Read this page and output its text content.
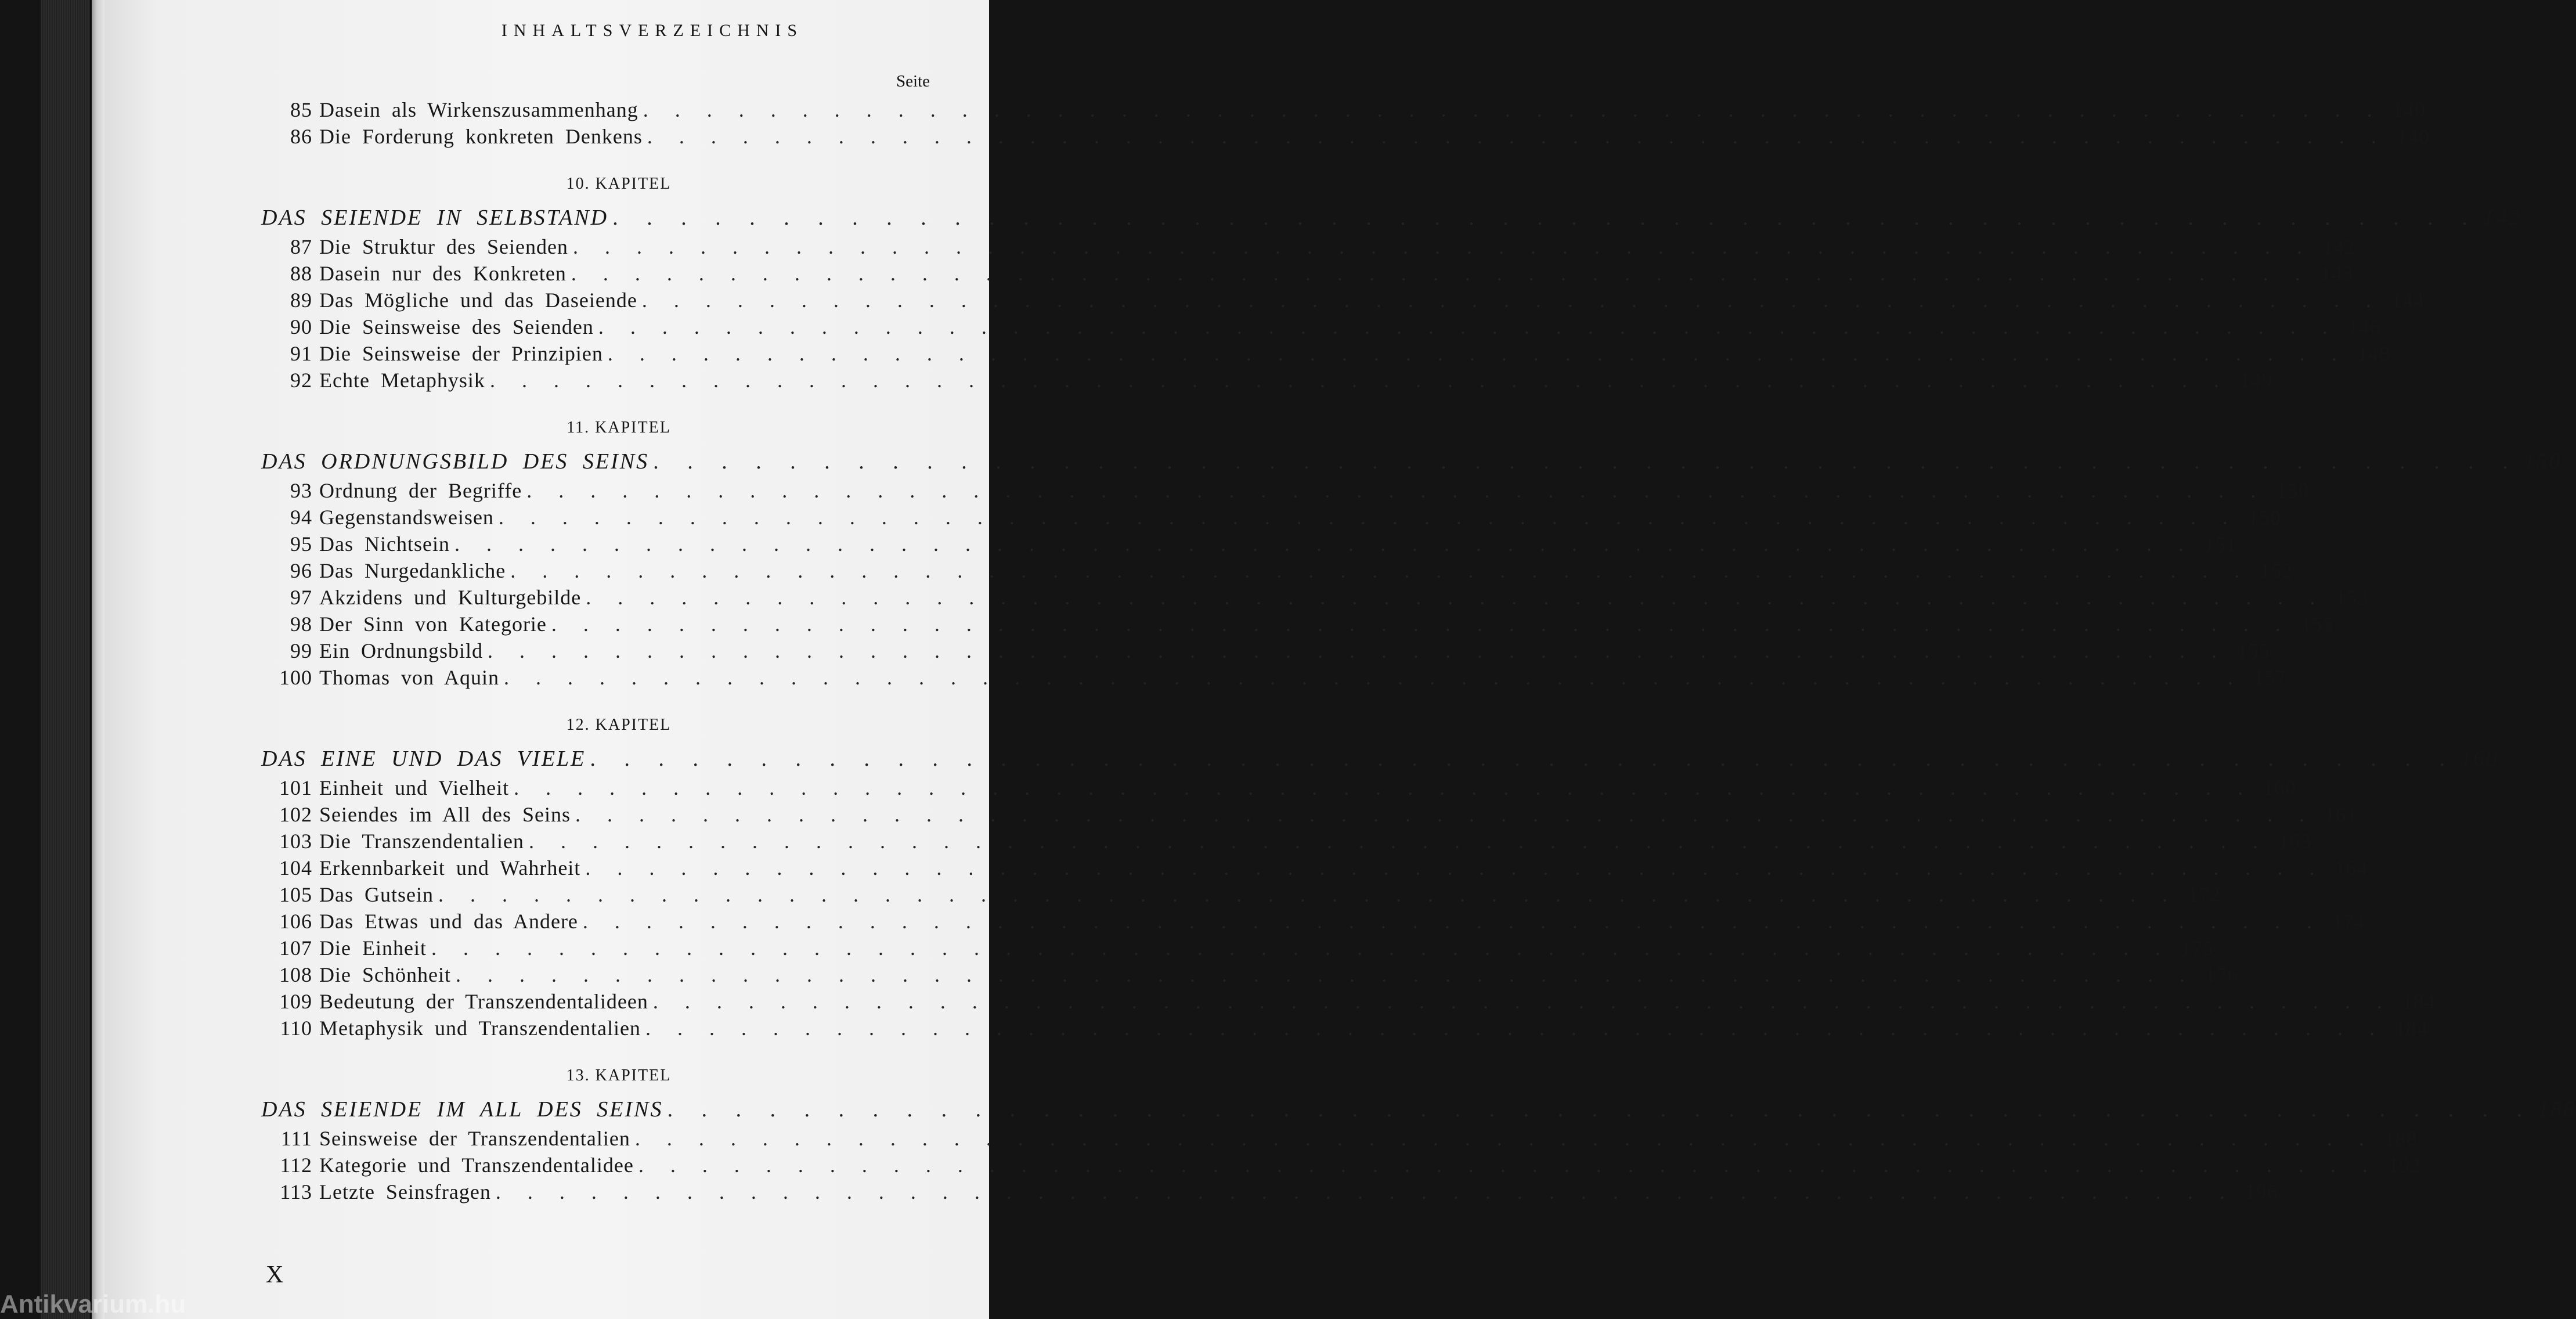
INHALTSVERZEICHNIS
Seite
85 Dasein als Wirkenszusammenhang . . . . . . . . . . . . . . . . . . . . . . . . . . . . . . . . . . . . . . . . . . . . . . . . . . . . . . . 140
86 Die Forderung konkreten Denkens . . . . . . . . . . . . . . . . . . . . . . . . . . . . . . . . . . . . . . . . . . . . . . . . . . . . . . . 140
10. KAPITEL
DAS SEIENDE IN SELBSTAND . . . . . . . . . . . . . . . . . . . . . . . . . . . . . . . . . . . . . . . . . . . . . . . . . . . . . . . 142
87 Die Struktur des Seienden . . . . . . . . . . . . . . . . . . . . . . . . . . . . . . . . . . . . . . . . . . . . . . . . . . . . . . . 142
88 Dasein nur des Konkreten . . . . . . . . . . . . . . . . . . . . . . . . . . . . . . . . . . . . . . . . . . . . . . . . . . . . . . . 143
89 Das Mögliche und das Daseiende . . . . . . . . . . . . . . . . . . . . . . . . . . . . . . . . . . . . . . . . . . . . . . . . . . . . . . . 144
90 Die Seinsweise des Seienden . . . . . . . . . . . . . . . . . . . . . . . . . . . . . . . . . . . . . . . . . . . . . . . . . . . . . . . 146
91 Die Seinsweise der Prinzipien . . . . . . . . . . . . . . . . . . . . . . . . . . . . . . . . . . . . . . . . . . . . . . . . . . . . . . . 148
92 Echte Metaphysik . . . . . . . . . . . . . . . . . . . . . . . . . . . . . . . . . . . . . . . . . . . . . . . . . . . . . . . 149
11. KAPITEL
DAS ORDNUNGSBILD DES SEINS . . . . . . . . . . . . . . . . . . . . . . . . . . . . . . . . . . . . . . . . . . . . . . . . . . . . . . . 150
93 Ordnung der Begriffe . . . . . . . . . . . . . . . . . . . . . . . . . . . . . . . . . . . . . . . . . . . . . . . . . . . . . . . 150
94 Gegenstandsweisen . . . . . . . . . . . . . . . . . . . . . . . . . . . . . . . . . . . . . . . . . . . . . . . . . . . . . . . 150
95 Das Nichtsein . . . . . . . . . . . . . . . . . . . . . . . . . . . . . . . . . . . . . . . . . . . . . . . . . . . . . . . 151
96 Das Nurgedankliche . . . . . . . . . . . . . . . . . . . . . . . . . . . . . . . . . . . . . . . . . . . . . . . . . . . . . . . 152
97 Akzidens und Kulturgebilde . . . . . . . . . . . . . . . . . . . . . . . . . . . . . . . . . . . . . . . . . . . . . . . . . . . . . . . 153
98 Der Sinn von Kategorie . . . . . . . . . . . . . . . . . . . . . . . . . . . . . . . . . . . . . . . . . . . . . . . . . . . . . . . 155
99 Ein Ordnungsbild . . . . . . . . . . . . . . . . . . . . . . . . . . . . . . . . . . . . . . . . . . . . . . . . . . . . . . . 155
100 Thomas von Aquin . . . . . . . . . . . . . . . . . . . . . . . . . . . . . . . . . . . . . . . . . . . . . . . . . . . . . . . 157
12. KAPITEL
DAS EINE UND DAS VIELE . . . . . . . . . . . . . . . . . . . . . . . . . . . . . . . . . . . . . . . . . . . . . . . . . . . . . . . 160
101 Einheit und Vielheit . . . . . . . . . . . . . . . . . . . . . . . . . . . . . . . . . . . . . . . . . . . . . . . . . . . . . . . 160
102 Seiendes im All des Seins . . . . . . . . . . . . . . . . . . . . . . . . . . . . . . . . . . . . . . . . . . . . . . . . . . . . . . . 161
103 Die Transzendentalien . . . . . . . . . . . . . . . . . . . . . . . . . . . . . . . . . . . . . . . . . . . . . . . . . . . . . . . 163
104 Erkennbarkeit und Wahrheit . . . . . . . . . . . . . . . . . . . . . . . . . . . . . . . . . . . . . . . . . . . . . . . . . . . . . . . 164
105 Das Gutsein . . . . . . . . . . . . . . . . . . . . . . . . . . . . . . . . . . . . . . . . . . . . . . . . . . . . . . . 172
106 Das Etwas und das Andere . . . . . . . . . . . . . . . . . . . . . . . . . . . . . . . . . . . . . . . . . . . . . . . . . . . . . . . 174
107 Die Einheit . . . . . . . . . . . . . . . . . . . . . . . . . . . . . . . . . . . . . . . . . . . . . . . . . . . . . . . 175
108 Die Schönheit . . . . . . . . . . . . . . . . . . . . . . . . . . . . . . . . . . . . . . . . . . . . . . . . . . . . . . . 176
109 Bedeutung der Transzendentalideen . . . . . . . . . . . . . . . . . . . . . . . . . . . . . . . . . . . . . . . . . . . . . . . . . . . . . . . 184
110 Metaphysik und Transzendentalien . . . . . . . . . . . . . . . . . . . . . . . . . . . . . . . . . . . . . . . . . . . . . . . . . . . . . . . 184
13. KAPITEL
DAS SEIENDE IM ALL DES SEINS . . . . . . . . . . . . . . . . . . . . . . . . . . . . . . . . . . . . . . . . . . . . . . . . . . . . . . . 188
111 Seinsweise der Transzendentalien . . . . . . . . . . . . . . . . . . . . . . . . . . . . . . . . . . . . . . . . . . . . . . . . . . . . . . . 188
112 Kategorie und Transzendentalidee . . . . . . . . . . . . . . . . . . . . . . . . . . . . . . . . . . . . . . . . . . . . . . . . . . . . . . . 192
113 Letzte Seinsfragen . . . . . . . . . . . . . . . . . . . . . . . . . . . . . . . . . . . . . . . . . . . . . . . . . . . . . . . 196
X
Antikvarium.hu
